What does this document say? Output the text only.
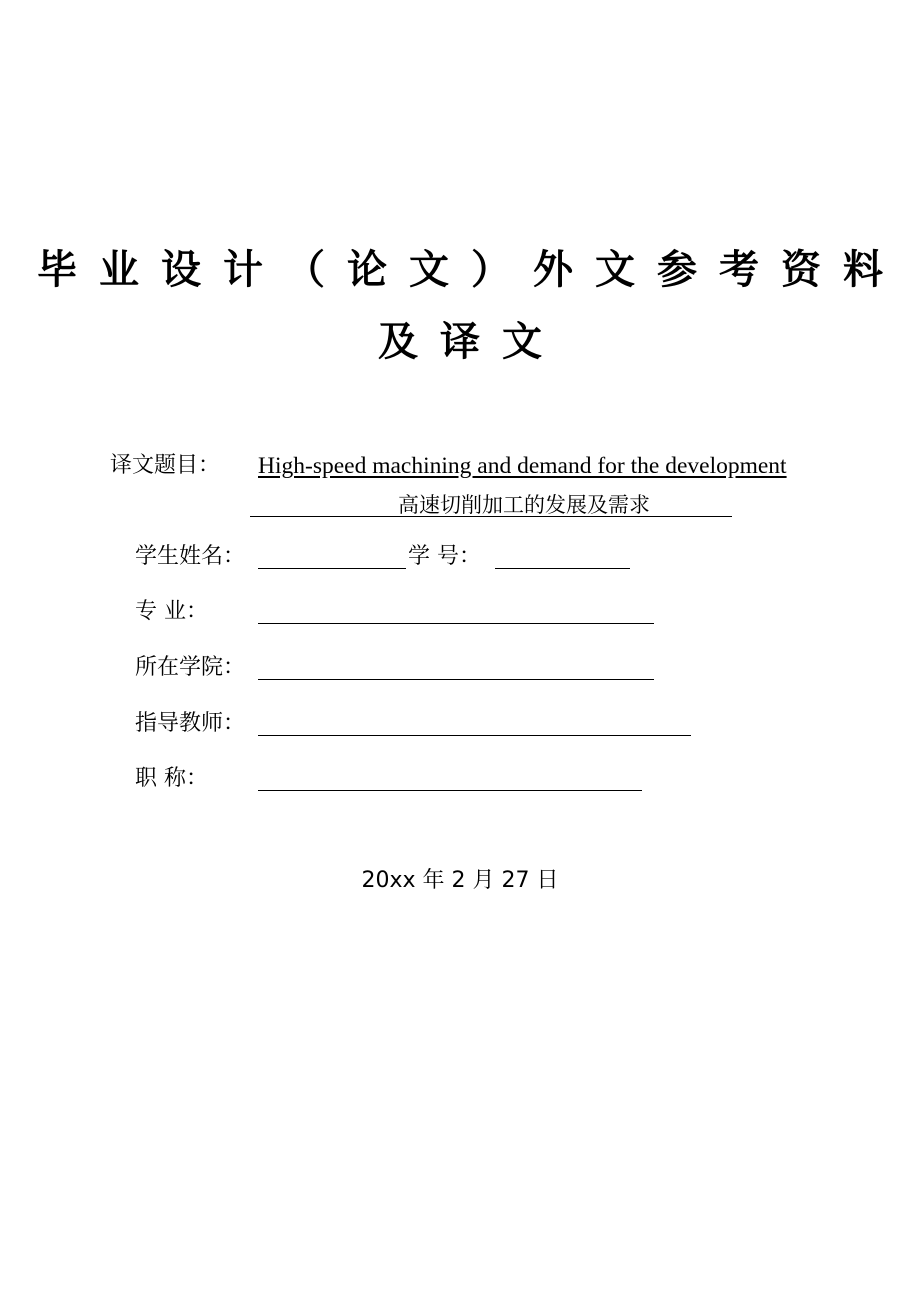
毕业设计（论文）外文参考资料
及译文
译文题目： High-speed machining and demand for the development
高速切削加工的发展及需求
学生姓名：	学 号：
专 业：
所在学院：
指导教师：
职 称：
20xx 年 2 月 27 日
